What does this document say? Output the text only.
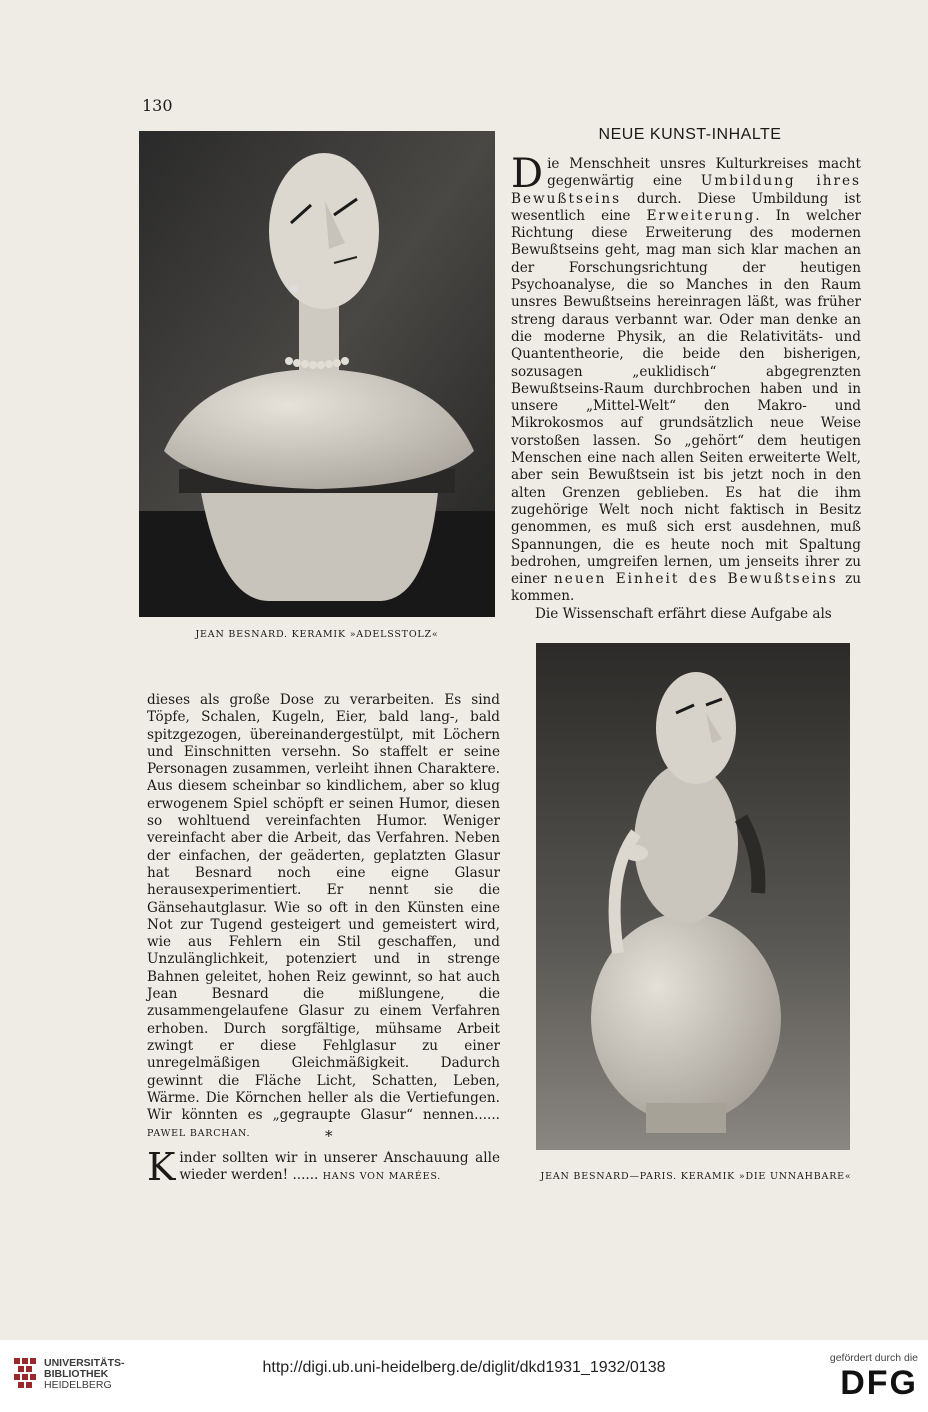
130
JEAN BESNARD. KERAMIK »ADELSSTOLZ«
NEUE KUNST-INHALTE

Die Menschheit unsres Kulturkreises macht gegenwärtig eine Umbildung ihres Bewußtseins durch. Diese Umbildung ist wesentlich eine Erweiterung. In welcher Richtung diese Erweiterung des modernen Bewußtseins geht, mag man sich klar machen an der Forschungsrichtung der heutigen Psychoanalyse, die so Manches in den Raum unsres Bewußtseins hereinragen läßt, was früher streng daraus verbannt war. Oder man denke an die moderne Physik, an die Relativitäts- und Quantentheorie, die beide den bisherigen, sozusagen „euklidisch“ abgegrenzten Bewußtseins-Raum durchbrochen haben und in unsere „Mittel-Welt“ den Makro- und Mikrokosmos auf grundsätzlich neue Weise vorstoßen lassen. So „gehört“ dem heutigen Menschen eine nach allen Seiten erweiterte Welt, aber sein Bewußtsein ist bis jetzt noch in den alten Grenzen geblieben. Es hat die ihm zugehörige Welt noch nicht faktisch in Besitz genommen, es muß sich erst ausdehnen, muß Spannungen, die es heute noch mit Spaltung bedrohen, umgreifen lernen, um jenseits ihrer zu einer neuen Einheit des Bewußtseins zu kommen.

Die Wissenschaft erfährt diese Aufgabe als

dieses als große Dose zu verarbeiten. Es sind Töpfe, Schalen, Kugeln, Eier, bald lang-, bald spitzgezogen, übereinandergestülpt, mit Löchern und Einschnitten versehn. So staffelt er seine Personagen zusammen, verleiht ihnen Charaktere. Aus diesem scheinbar so kindlichem, aber so klug erwogenem Spiel schöpft er seinen Humor, diesen so wohltuend vereinfachten Humor. Weniger vereinfacht aber die Arbeit, das Verfahren. Neben der einfachen, der geäderten, geplatzten Glasur hat Besnard noch eine eigne Glasur herausexperimentiert. Er nennt sie die Gänsehautglasur. Wie so oft in den Künsten eine Not zur Tugend gesteigert und gemeistert wird, wie aus Fehlern ein Stil geschaffen, und Unzulänglichkeit, potenziert und in strenge Bahnen geleitet, hohen Reiz gewinnt, so hat auch Jean Besnard die mißlungene, die zusammengelaufene Glasur zu einem Verfahren erhoben. Durch sorgfältige, mühsame Arbeit zwingt er diese Fehlglasur zu einer unregelmäßigen Gleichmäßigkeit. Dadurch gewinnt die Fläche Licht, Schatten, Leben, Wärme. Die Körnchen heller als die Vertiefungen. Wir könnten es „gegraupte Glasur“ nennen...... PAWEL BARCHAN.	*

Kinder sollten wir in unserer Anschauung alle wieder werden! ...... HANS VON MARÉES.	JEAN BESNARD—PARIS. KERAMIK »DIE UNNAHBARE«
UNIVERSITÄTS-
BIBLIOTHEK
HEIDELBERG
http://digi.ub.uni-heidelberg.de/diglit/dkd1931_1932/0138
gefördert durch die
DFG
